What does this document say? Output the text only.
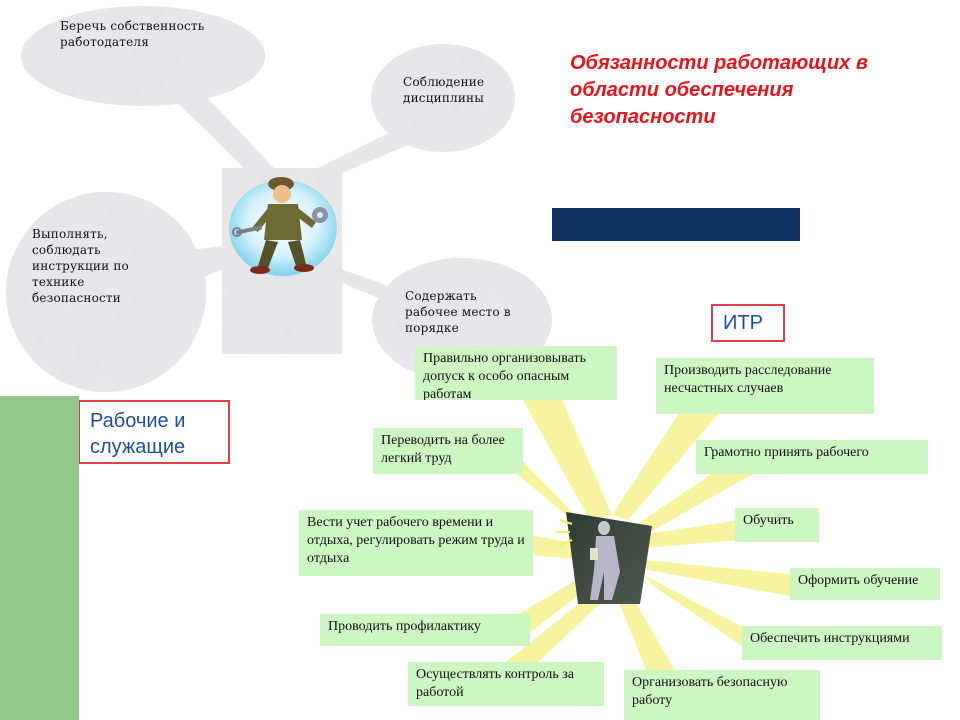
Беречь собственность работодателя
Соблюдение дисциплины
Выполнять, соблюдать инструкции по технике безопасности	Содержать рабочее место в порядке
Обязанности работающих в области обеспечения безопасности
Рабочие и служащие
ИТР
Правильно организовывать допуск к особо опасным работам
Производить расследование несчастных случаев
Переводить на более легкий труд	Грамотно принять рабочего
Вести учет рабочего времени и отдыха, регулировать режим труда и отдыха
Обучить
Оформить обучение
Проводить профилактику
Обеспечить инструкциями
Осуществлять контроль за работой
Организовать безопасную работу
